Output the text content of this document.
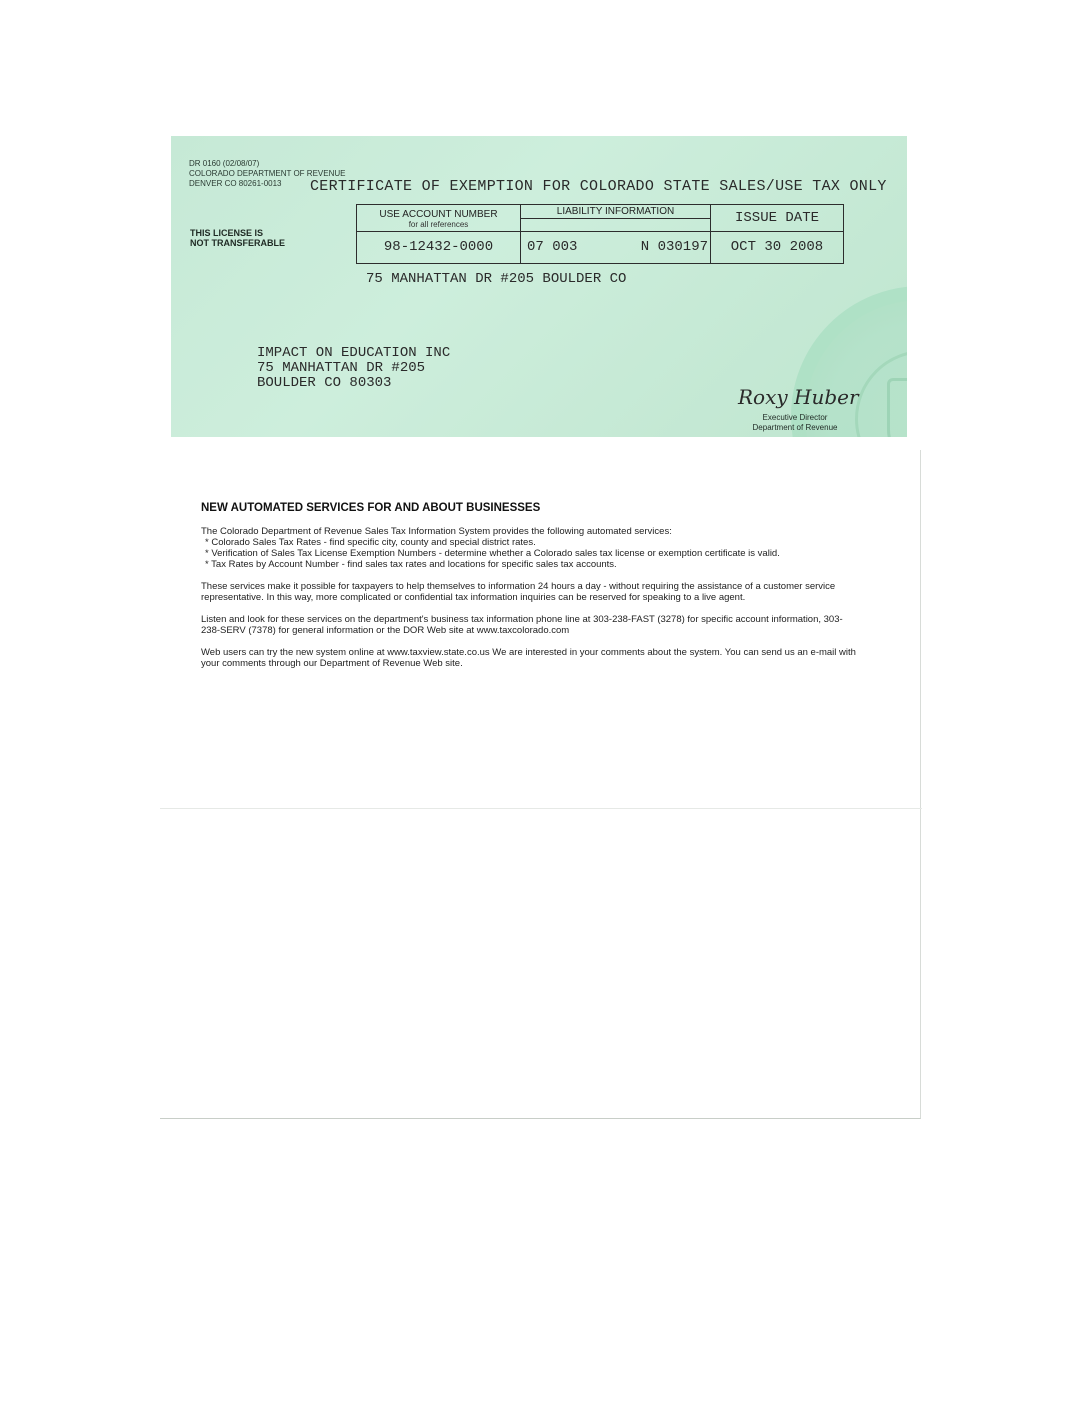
DR 0160 (02/08/07)
COLORADO DEPARTMENT OF REVENUE
DENVER CO 80261-0013	CERTIFICATE OF EXEMPTION FOR COLORADO STATE SALES/USE TAX ONLY
THIS LICENSE IS
NOT TRANSFERABLE
USE ACCOUNT NUMBER
for all references
LIABILITY INFORMATION	ISSUE DATE
98-12432-0000	07 003	N 030197	OCT 30 2008
75 MANHATTAN DR #205 BOULDER CO
IMPACT ON EDUCATION INC
75 MANHATTAN DR #205
BOULDER CO 80303
Roxy Huber
Executive Director
Department of Revenue
NEW AUTOMATED SERVICES FOR AND ABOUT BUSINESSES

The Colorado Department of Revenue Sales Tax Information System provides the following automated services:

* Colorado Sales Tax Rates - find specific city, county and special district rates.
* Verification of Sales Tax License Exemption Numbers - determine whether a Colorado sales tax license or exemption certificate is valid.
* Tax Rates by Account Number - find sales tax rates and locations for specific sales tax accounts.

These services make it possible for taxpayers to help themselves to information 24 hours a day - without requiring the assistance of a customer service representative. In this way, more complicated or confidential tax information inquiries can be reserved for speaking to a live agent.

Listen and look for these services on the department's business tax information phone line at 303-238-FAST (3278) for specific account information, 303-238-SERV (7378) for general information or the DOR Web site at www.taxcolorado.com

Web users can try the new system online at www.taxview.state.co.us We are interested in your comments about the system. You can send us an e-mail with your comments through our Department of Revenue Web site.
